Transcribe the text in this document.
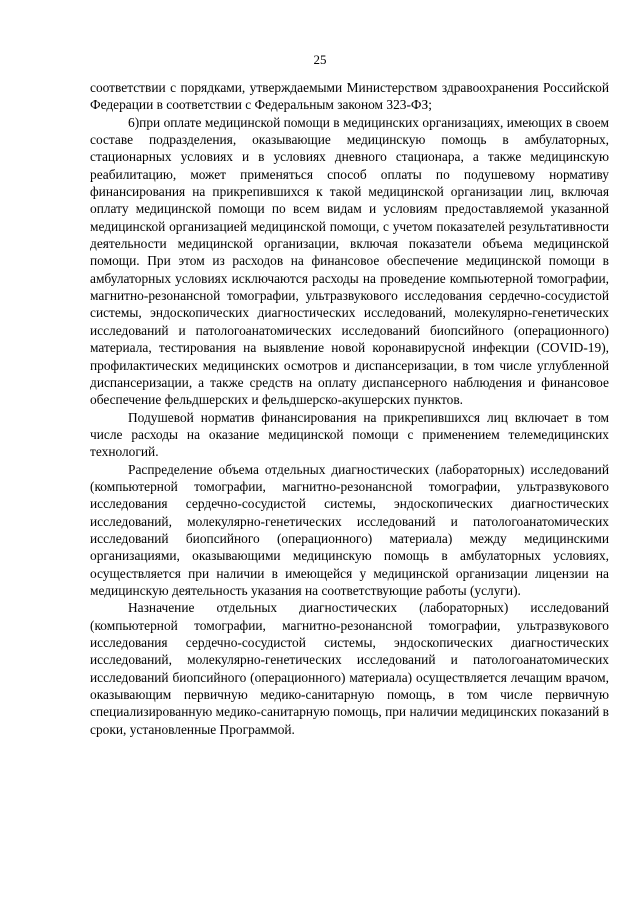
25

соответствии с порядками, утверждаемыми Министерством здравоохранения Российской Федерации в соответствии с Федеральным законом 323-ФЗ;

6)при оплате медицинской помощи в медицинских организациях, имеющих в своем составе подразделения, оказывающие медицинскую помощь в амбулаторных, стационарных условиях и в условиях дневного стационара, а также медицинскую реабилитацию, может применяться способ оплаты по подушевому нормативу финансирования на прикрепившихся к такой медицинской организации лиц, включая оплату медицинской помощи по всем видам и условиям предоставляемой указанной медицинской организацией медицинской помощи, с учетом показателей результативности деятельности медицинской организации, включая показатели объема медицинской помощи. При этом из расходов на финансовое обеспечение медицинской помощи в амбулаторных условиях исключаются расходы на проведение компьютерной томографии, магнитно-резонансной томографии, ультразвукового исследования сердечно-сосудистой системы, эндоскопических диагностических исследований, молекулярно-генетических исследований и патологоанатомических исследований биопсийного (операционного) материала, тестирования на выявление новой коронавирусной инфекции (COVID-19), профилактических медицинских осмотров и диспансеризации, в том числе углубленной диспансеризации, а также средств на оплату диспансерного наблюдения и финансовое обеспечение фельдшерских и фельдшерско-акушерских пунктов.

Подушевой норматив финансирования на прикрепившихся лиц включает в том числе расходы на оказание медицинской помощи с применением телемедицинских технологий.

Распределение объема отдельных диагностических (лабораторных) исследований (компьютерной томографии, магнитно-резонансной томографии, ультразвукового исследования сердечно-сосудистой системы, эндоскопических диагностических исследований, молекулярно-генетических исследований и патологоанатомических исследований биопсийного (операционного) материала) между медицинскими организациями, оказывающими медицинскую помощь в амбулаторных условиях, осуществляется при наличии в имеющейся у медицинской организации лицензии на медицинскую деятельность указания на соответствующие работы (услуги).

Назначение отдельных диагностических (лабораторных) исследований (компьютерной томографии, магнитно-резонансной томографии, ультразвукового исследования сердечно-сосудистой системы, эндоскопических диагностических исследований, молекулярно-генетических исследований и патологоанатомических исследований биопсийного (операционного) материала) осуществляется лечащим врачом, оказывающим первичную медико-санитарную помощь, в том числе первичную специализированную медико-санитарную помощь, при наличии медицинских показаний в сроки, установленные Программой.
